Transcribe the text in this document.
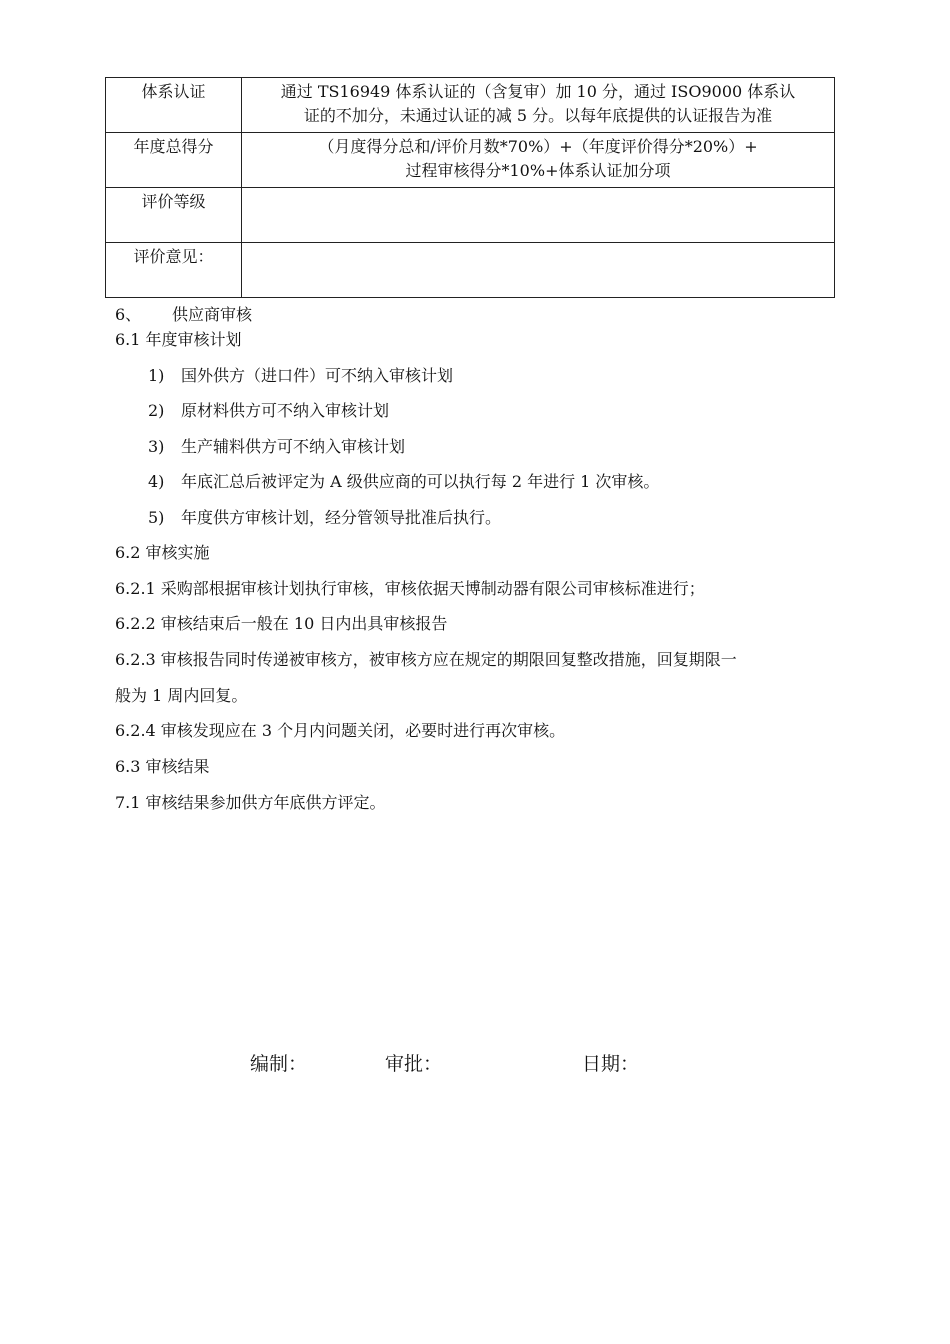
体系认证	通过 TS16949 体系认证的（含复审）加 10 分，通过 ISO9000 体系认
证的不加分，未通过认证的减 5 分。以每年底提供的认证报告为准

年度总得分	（月度得分总和/评价月数*70%）+（年度评价得分*20%）+
过程审核得分*10%+体系认证加分项

评价等级	
评价意见：	
6、 供应商审核
6.1 年度审核计划
1) 国外供方（进口件）可不纳入审核计划
2) 原材料供方可不纳入审核计划
3) 生产辅料供方可不纳入审核计划
4) 年底汇总后被评定为 A 级供应商的可以执行每 2 年进行 1 次审核。
5) 年度供方审核计划，经分管领导批准后执行。
6.2 审核实施
6.2.1 采购部根据审核计划执行审核，审核依据天博制动器有限公司审核标准进行；
6.2.2 审核结束后一般在 10 日内出具审核报告
6.2.3 审核报告同时传递被审核方，被审核方应在规定的期限回复整改措施，回复期限一
般为 1 周内回复。
6.2.4 审核发现应在 3 个月内问题关闭，必要时进行再次审核。
6.3 审核结果
7.1 审核结果参加供方年底供方评定。
编制：	审批：	日期：
